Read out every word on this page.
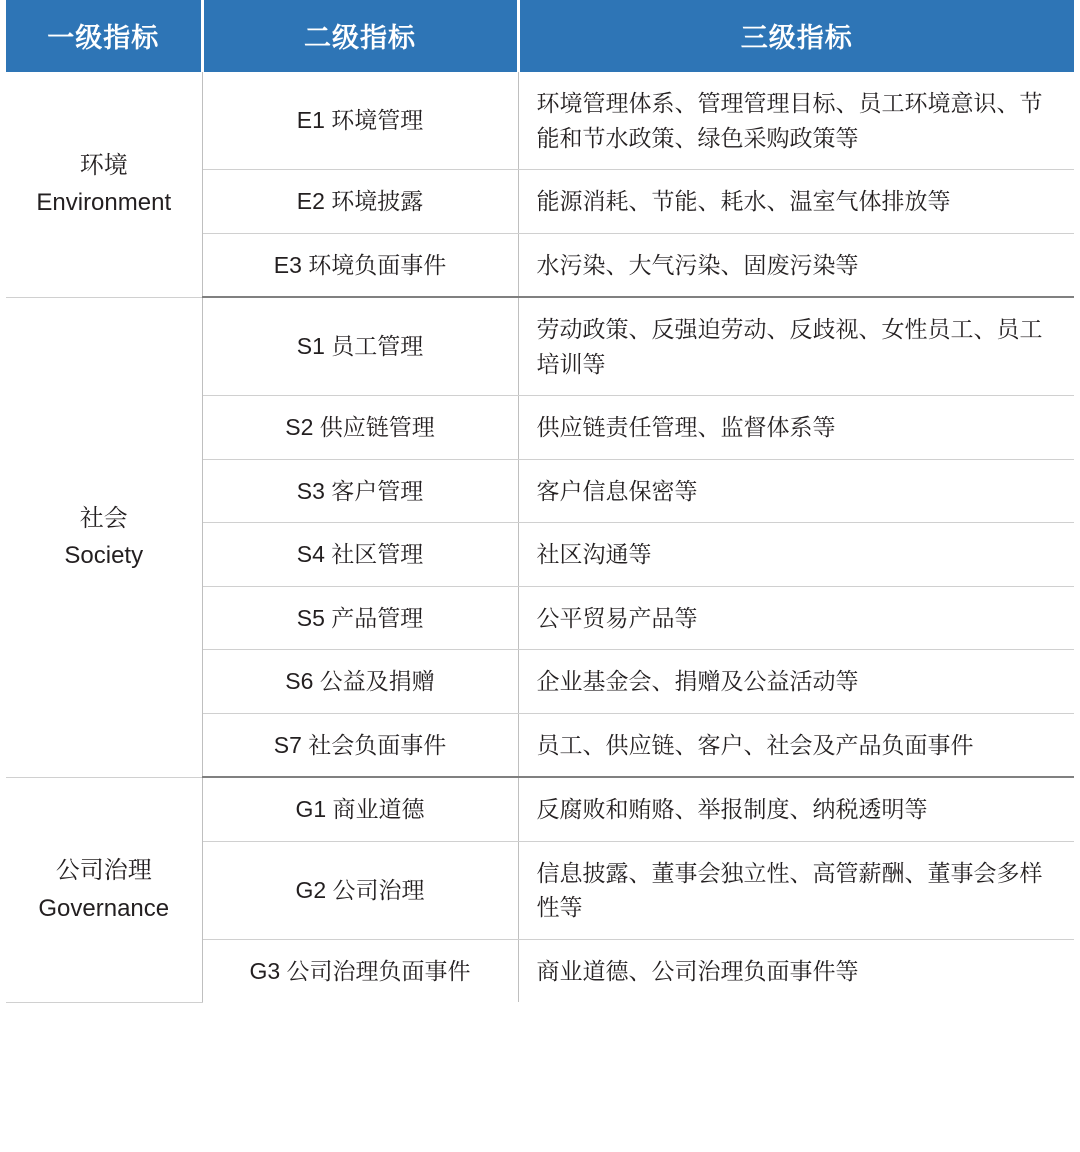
一级指标	二级指标	三级指标

环境
Environment	E1 环境管理	环境管理体系、管理管理目标、员工环境意识、节能和节水政策、绿色采购政策等
	E2 环境披露	能源消耗、节能、耗水、温室气体排放等
	E3 环境负面事件	水污染、大气污染、固废污染等

社会
Society	S1 员工管理	劳动政策、反强迫劳动、反歧视、女性员工、员工培训等
	S2 供应链管理	供应链责任管理、监督体系等
	S3 客户管理	客户信息保密等
	S4 社区管理	社区沟通等
	S5 产品管理	公平贸易产品等
	S6 公益及捐赠	企业基金会、捐赠及公益活动等
	S7 社会负面事件	员工、供应链、客户、社会及产品负面事件

公司治理
Governance	G1 商业道德	反腐败和贿赂、举报制度、纳税透明等
	G2 公司治理	信息披露、董事会独立性、高管薪酬、董事会多样性等
	G3 公司治理负面事件	商业道德、公司治理负面事件等
